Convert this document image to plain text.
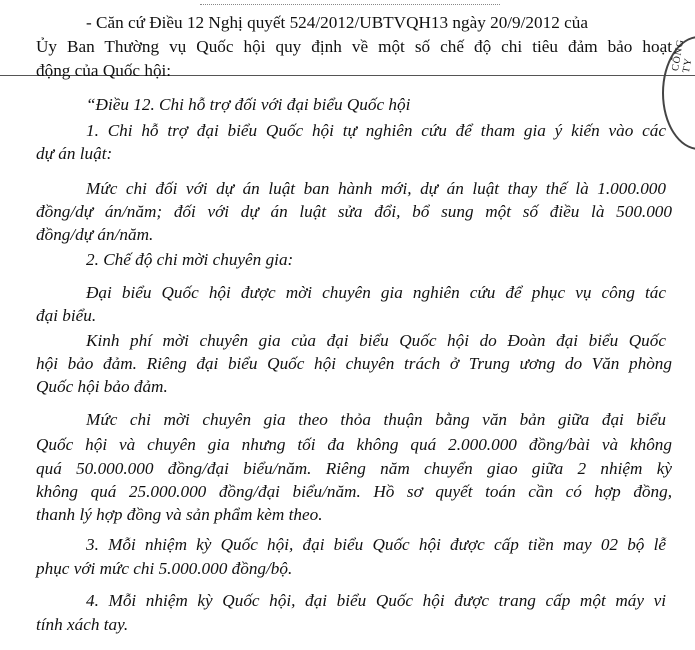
CÔNG TY
- Căn cứ Điều 12 Nghị quyết 524/2012/UBTVQH13 ngày 20/9/2012 của
Ủy Ban Thường vụ Quốc hội quy định về một số chế độ chi tiêu đảm bảo hoạt
động của Quốc hội:
“Điều 12. Chi hỗ trợ đối với đại biểu Quốc hội
1. Chi hỗ trợ đại biểu Quốc hội tự nghiên cứu để tham gia ý kiến vào các
dự án luật:
Mức chi đối với dự án luật ban hành mới, dự án luật thay thế là 1.000.000
đồng/dự án/năm; đối với dự án luật sửa đổi, bổ sung một số điều là 500.000
đồng/dự án/năm.
2. Chế độ chi mời chuyên gia:
Đại biểu Quốc hội được mời chuyên gia nghiên cứu để phục vụ công tác
đại biểu.
Kinh phí mời chuyên gia của đại biểu Quốc hội do Đoàn đại biểu Quốc
hội bảo đảm. Riêng đại biểu Quốc hội chuyên trách ở Trung ương do Văn phòng
Quốc hội bảo đảm.
Mức chi mời chuyên gia theo thỏa thuận bằng văn bản giữa đại biểu
Quốc hội và chuyên gia nhưng tối đa không quá 2.000.000 đồng/bài và không
quá 50.000.000 đồng/đại biểu/năm. Riêng năm chuyển giao giữa 2 nhiệm kỳ
không quá 25.000.000 đồng/đại biểu/năm. Hồ sơ quyết toán cần có hợp đồng,
thanh lý hợp đồng và sản phẩm kèm theo.
3. Mỗi nhiệm kỳ Quốc hội, đại biểu Quốc hội được cấp tiền may 02 bộ lễ
phục với mức chi 5.000.000 đồng/bộ.
4. Mỗi nhiệm kỳ Quốc hội, đại biểu Quốc hội được trang cấp một máy vi
tính xách tay.
